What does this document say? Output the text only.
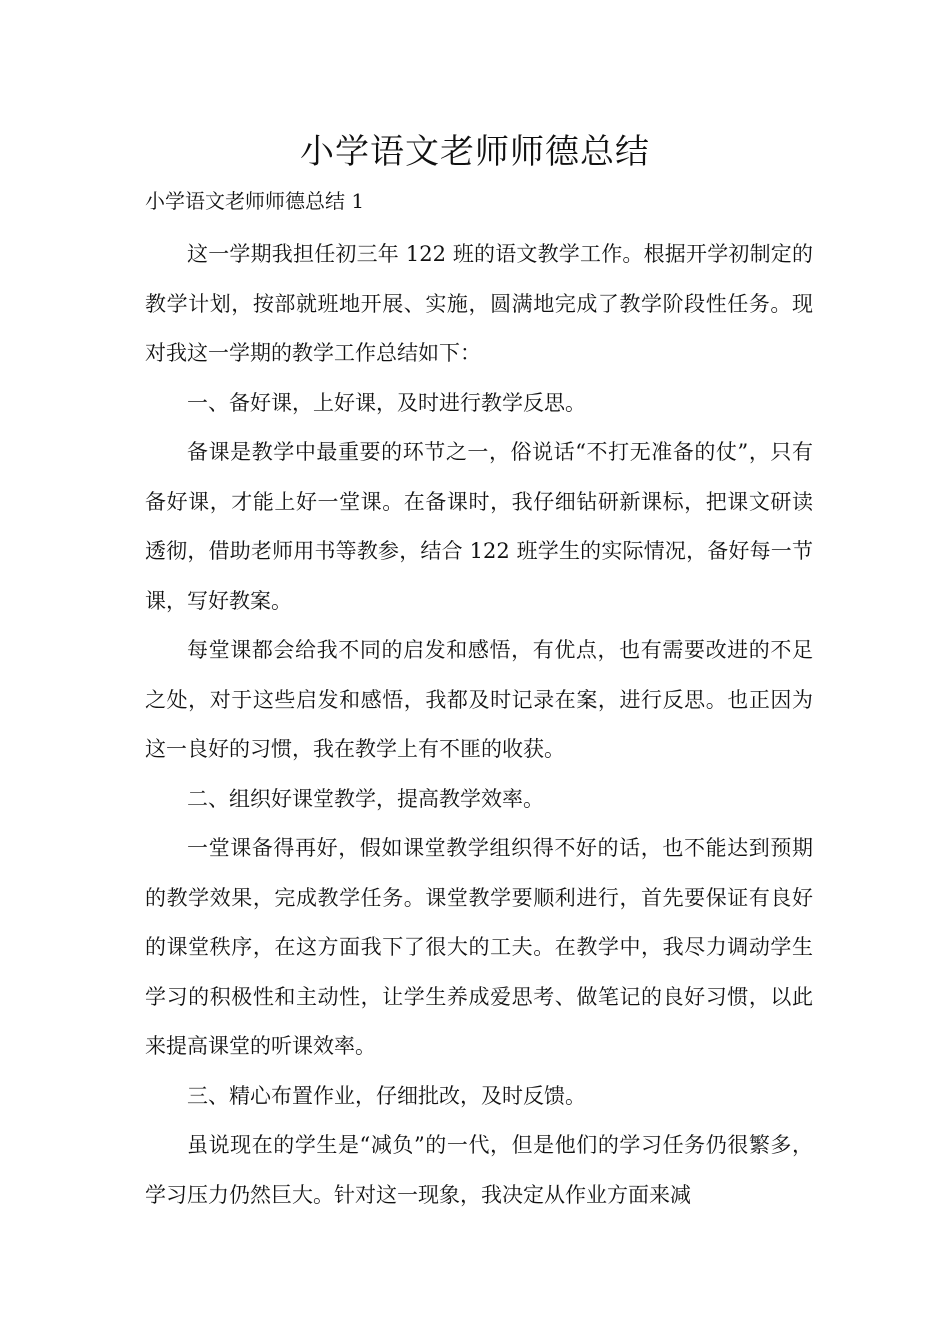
小学语文老师师德总结
小学语文老师师德总结 1

这一学期我担任初三年 122 班的语文教学工作。根据开学初制定的教学计划，按部就班地开展、实施，圆满地完成了教学阶段性任务。现对我这一学期的教学工作总结如下：

一、备好课，上好课，及时进行教学反思。

备课是教学中最重要的环节之一，俗说话“不打无准备的仗”，只有备好课，才能上好一堂课。在备课时，我仔细钻研新课标，把课文研读透彻，借助老师用书等教参，结合 122 班学生的实际情况，备好每一节课，写好教案。

每堂课都会给我不同的启发和感悟，有优点，也有需要改进的不足之处，对于这些启发和感悟，我都及时记录在案，进行反思。也正因为这一良好的习惯，我在教学上有不匪的收获。

二、组织好课堂教学，提高教学效率。

一堂课备得再好，假如课堂教学组织得不好的话，也不能达到预期的教学效果，完成教学任务。课堂教学要顺利进行，首先要保证有良好的课堂秩序，在这方面我下了很大的工夫。在教学中，我尽力调动学生学习的积极性和主动性，让学生养成爱思考、做笔记的良好习惯，以此来提高课堂的听课效率。

三、精心布置作业，仔细批改，及时反馈。

虽说现在的学生是“减负”的一代，但是他们的学习任务仍很繁多，学习压力仍然巨大。针对这一现象，我决定从作业方面来减
